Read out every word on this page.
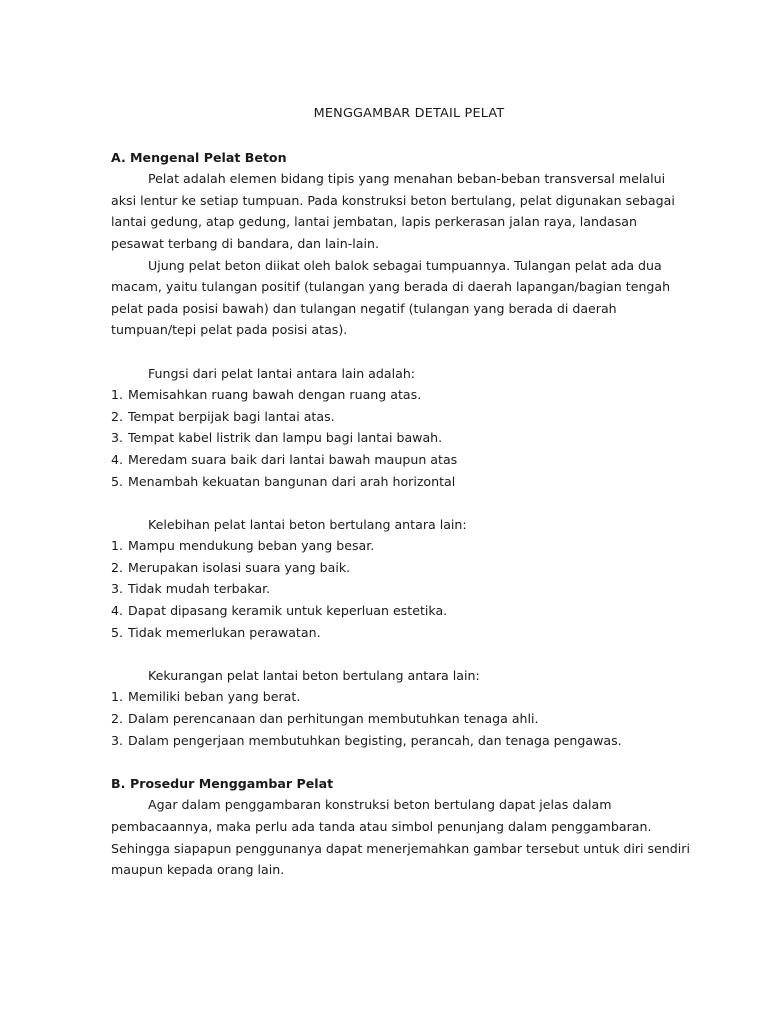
MENGGAMBAR DETAIL PELAT
A. Mengenal Pelat Beton

Pelat adalah elemen bidang tipis yang menahan beban-beban transversal melalui aksi lentur ke setiap tumpuan. Pada konstruksi beton bertulang, pelat digunakan sebagai lantai gedung, atap gedung, lantai jembatan, lapis perkerasan jalan raya, landasan pesawat terbang di bandara, dan lain-lain.

Ujung pelat beton diikat oleh balok sebagai tumpuannya. Tulangan pelat ada dua macam, yaitu tulangan positif (tulangan yang berada di daerah lapangan/bagian tengah pelat pada posisi bawah) dan tulangan negatif (tulangan yang berada di daerah tumpuan/tepi pelat pada posisi atas).

Fungsi dari pelat lantai antara lain adalah:

1. Memisahkan ruang bawah dengan ruang atas.
2. Tempat berpijak bagi lantai atas.
3. Tempat kabel listrik dan lampu bagi lantai bawah.
4. Meredam suara baik dari lantai bawah maupun atas
5. Menambah kekuatan bangunan dari arah horizontal

Kelebihan pelat lantai beton bertulang antara lain:

1. Mampu mendukung beban yang besar.
2. Merupakan isolasi suara yang baik.
3. Tidak mudah terbakar.
4. Dapat dipasang keramik untuk keperluan estetika.
5. Tidak memerlukan perawatan.

Kekurangan pelat lantai beton bertulang antara lain:

1. Memiliki beban yang berat.
2. Dalam perencanaan dan perhitungan membutuhkan tenaga ahli.
3. Dalam pengerjaan membutuhkan begisting, perancah, dan tenaga pengawas.
B. Prosedur Menggambar Pelat

Agar dalam penggambaran konstruksi beton bertulang dapat jelas dalam pembacaannya, maka perlu ada tanda atau simbol penunjang dalam penggambaran. Sehingga siapapun penggunanya dapat menerjemahkan gambar tersebut untuk diri sendiri maupun kepada orang lain.
